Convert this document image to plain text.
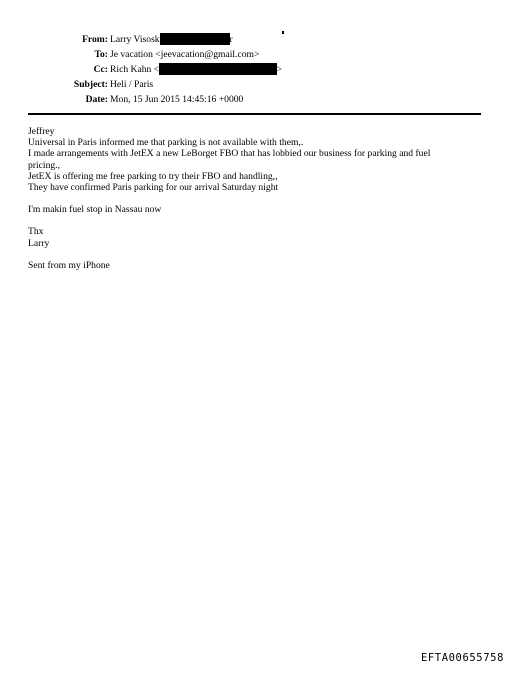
From: Larry Visosk	r
To: Je vacation <jeevacation@gmail.com>
Cc: Rich Kahn <	>
Subject: Heli / Paris
Date: Mon, 15 Jun 2015 14:45:16 +0000

Jeffrey
Universal in Paris informed me that parking is not available with them,.
I made arrangements with JetEX a new LeBorget FBO that has lobbied our business for parking and fuel
pricing.,
JetEX is offering me free parking to try their FBO and handling,,
They have confirmed Paris parking for our arrival Saturday night

I'm makin fuel stop in Nassau now

Thx
Larry

Sent from my iPhone

EFTA00655758
